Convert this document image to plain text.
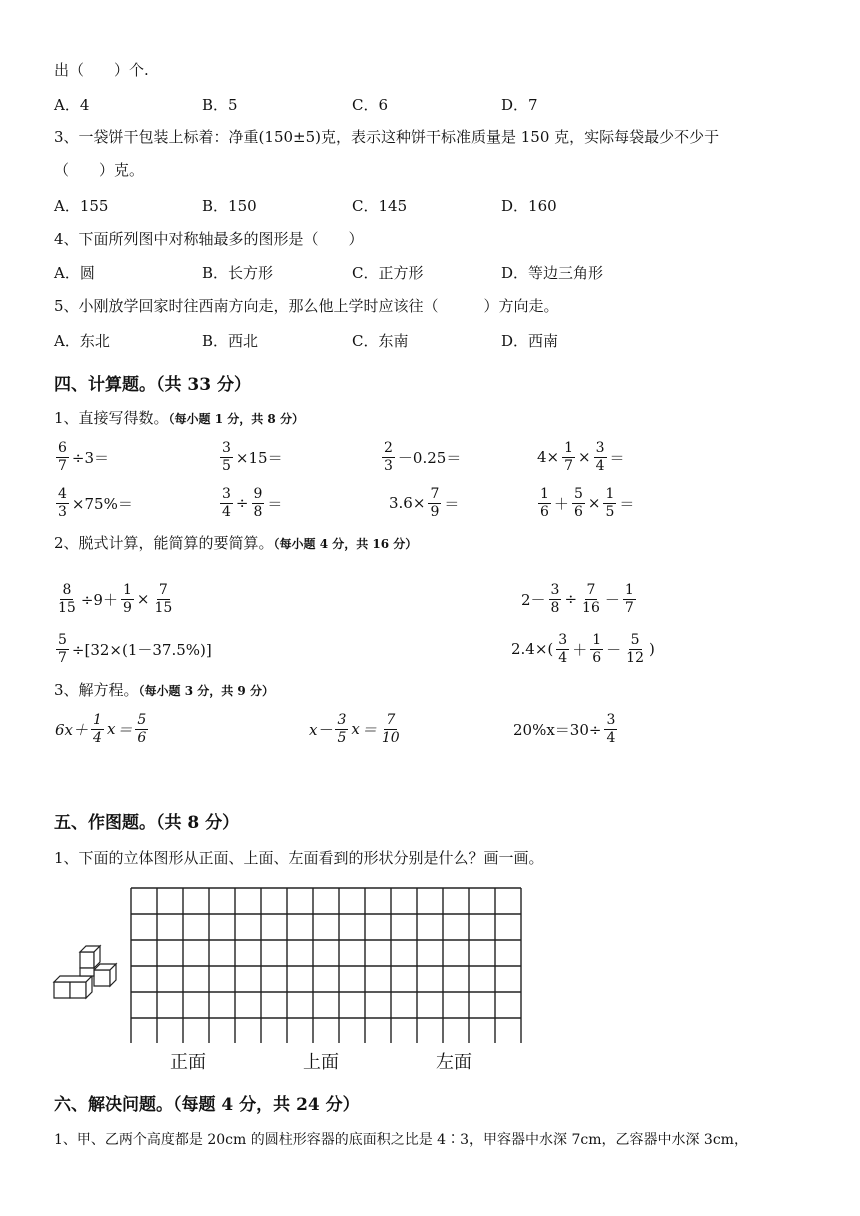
出（　　）个.
A．4	B．5	C．6	D．7
3、一袋饼干包装上标着：净重(150±5)克，表示这种饼干标准质量是 150 克，实际每袋最少不少于
（　　）克。
A．155	B．150	C．145	D．160
4、下面所列图中对称轴最多的图形是（　　）
A．圆	B．长方形	C．正方形	D．等边三角形
5、小刚放学回家时往西南方向走，那么他上学时应该往（　　　）方向走。
A．东北	B．西北	C．东南	D．西南
四、计算题。（共 33 分）
1、直接写得数。（每小题 1 分，共 8 分）
$\frac{6}{7} \div 3=$	$\frac{3}{5} \times 15=$	$\frac{2}{3} -0.25=$	$4\times \frac{1}{7} \times \frac{3}{4}$ ＝
$\frac{4}{3} \times 75\%=$	$\frac{3}{4} \div \frac{9}{8}$ ＝	$3.6\times \frac{7}{9}$ ＝	$\frac{1}{6} + \frac{5}{6} \times \frac{1}{5}$ ＝
2、脱式计算，能简算的要简算。（每小题 4 分，共 16 分）
$\frac{8}{15} \div 9+ \frac{1}{9} \times \frac{7}{15}$	$2- \frac{3}{8} \div \frac{7}{16} - \frac{1}{7}$
$\frac{5}{7} \div[32\times(1-37.5\%)]$	$2.4\times( \frac{3}{4} + \frac{1}{6} - \frac{5}{12}$ )
3、解方程。（每小题 3 分，共 9 分）
$6x+ \frac{1}{4}$ $x = \frac{5}{6}$	$x- \frac{3}{5}$ $x = \frac{7}{10}$	$20\%x=30\div \frac{3}{4}$
五、作图题。（共 8 分）
1、下面的立体图形从正面、上面、左面看到的形状分别是什么？画一画。
正面	上面	左面
六、解决问题。（每题 4 分，共 24 分）
1、甲、乙两个高度都是 20cm 的圆柱形容器的底面积之比是 4∶3，甲容器中水深 7cm，乙容器中水深 3cm，
